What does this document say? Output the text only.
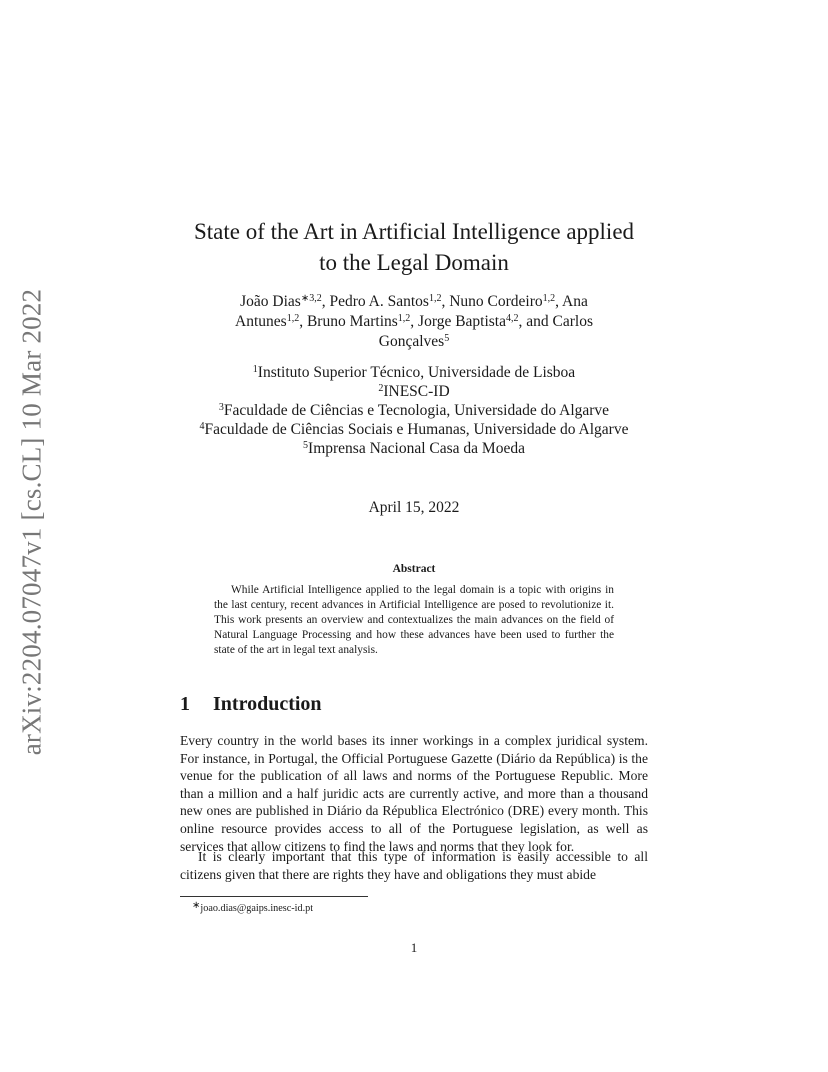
arXiv:2204.07047v1 [cs.CL] 10 Mar 2022
State of the Art in Artificial Intelligence applied
to the Legal Domain
João Dias$^{∗3,2}$, Pedro A. Santos$^{1,2}$, Nuno Cordeiro$^{1,2}$, Ana
Antunes$^{1,2}$, Bruno Martins$^{1,2}$, Jorge Baptista$^{4,2}$, and Carlos
Gonçalves$^5$
$^1$Instituto Superior Técnico, Universidade de Lisboa
$^2$INESC-ID
$^3$Faculdade de Ciências e Tecnologia, Universidade do Algarve
$^4$Faculdade de Ciências Sociais e Humanas, Universidade do Algarve
$^5$Imprensa Nacional Casa da Moeda
April 15, 2022
Abstract

While Artificial Intelligence applied to the legal domain is a topic with origins in the last century, recent advances in Artificial Intelligence are posed to revolutionize it. This work presents an overview and contextualizes the main advances on the field of Natural Language Processing and how these advances have been used to further the state of the art in legal text analysis.

1 Introduction

Every country in the world bases its inner workings in a complex juridical system. For instance, in Portugal, the Official Portuguese Gazette (Diário da República) is the venue for the publication of all laws and norms of the Portuguese Republic. More than a million and a half juridic acts are currently active, and more than a thousand new ones are published in Diário da Républica Electrónico (DRE) every month. This online resource provides access to all of the Portuguese legislation, as well as services that allow citizens to find the laws and norms that they look for.

It is clearly important that this type of information is easily accessible to all citizens given that there are rights they have and obligations they must abide

∗joao.dias@gaips.inesc-id.pt
1
